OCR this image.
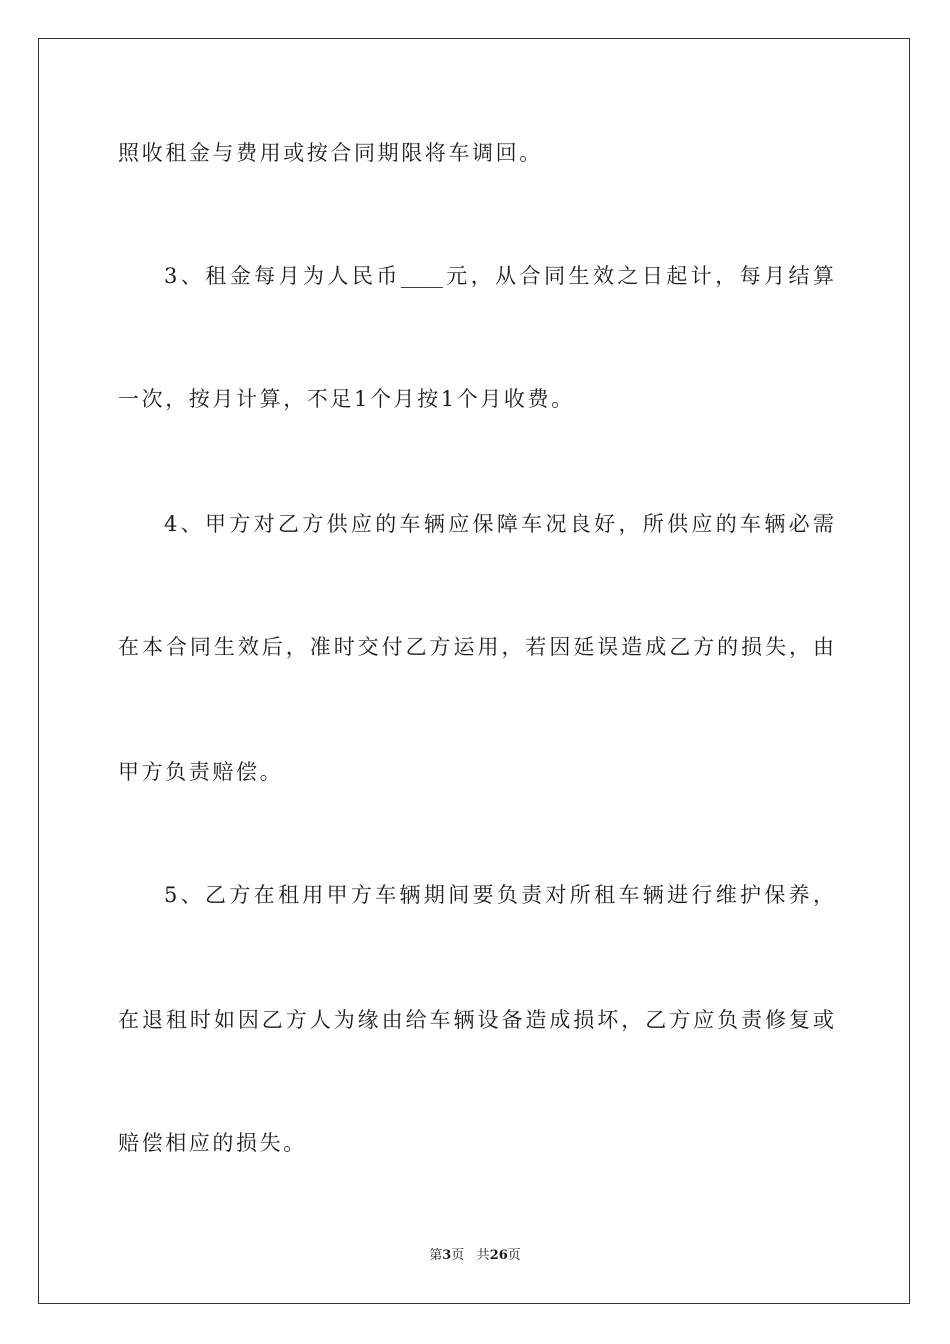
照收租金与费用或按合同期限将车调回。
3、租金每月为人民币____元，从合同生效之日起计，每月结算
一次，按月计算，不足1个月按1个月收费。
4、甲方对乙方供应的车辆应保障车况良好，所供应的车辆必需
在本合同生效后，准时交付乙方运用，若因延误造成乙方的损失，由
甲方负责赔偿。
5、乙方在租用甲方车辆期间要负责对所租车辆进行维护保养，
在退租时如因乙方人为缘由给车辆设备造成损坏，乙方应负责修复或
赔偿相应的损失。
第3页 共26页
